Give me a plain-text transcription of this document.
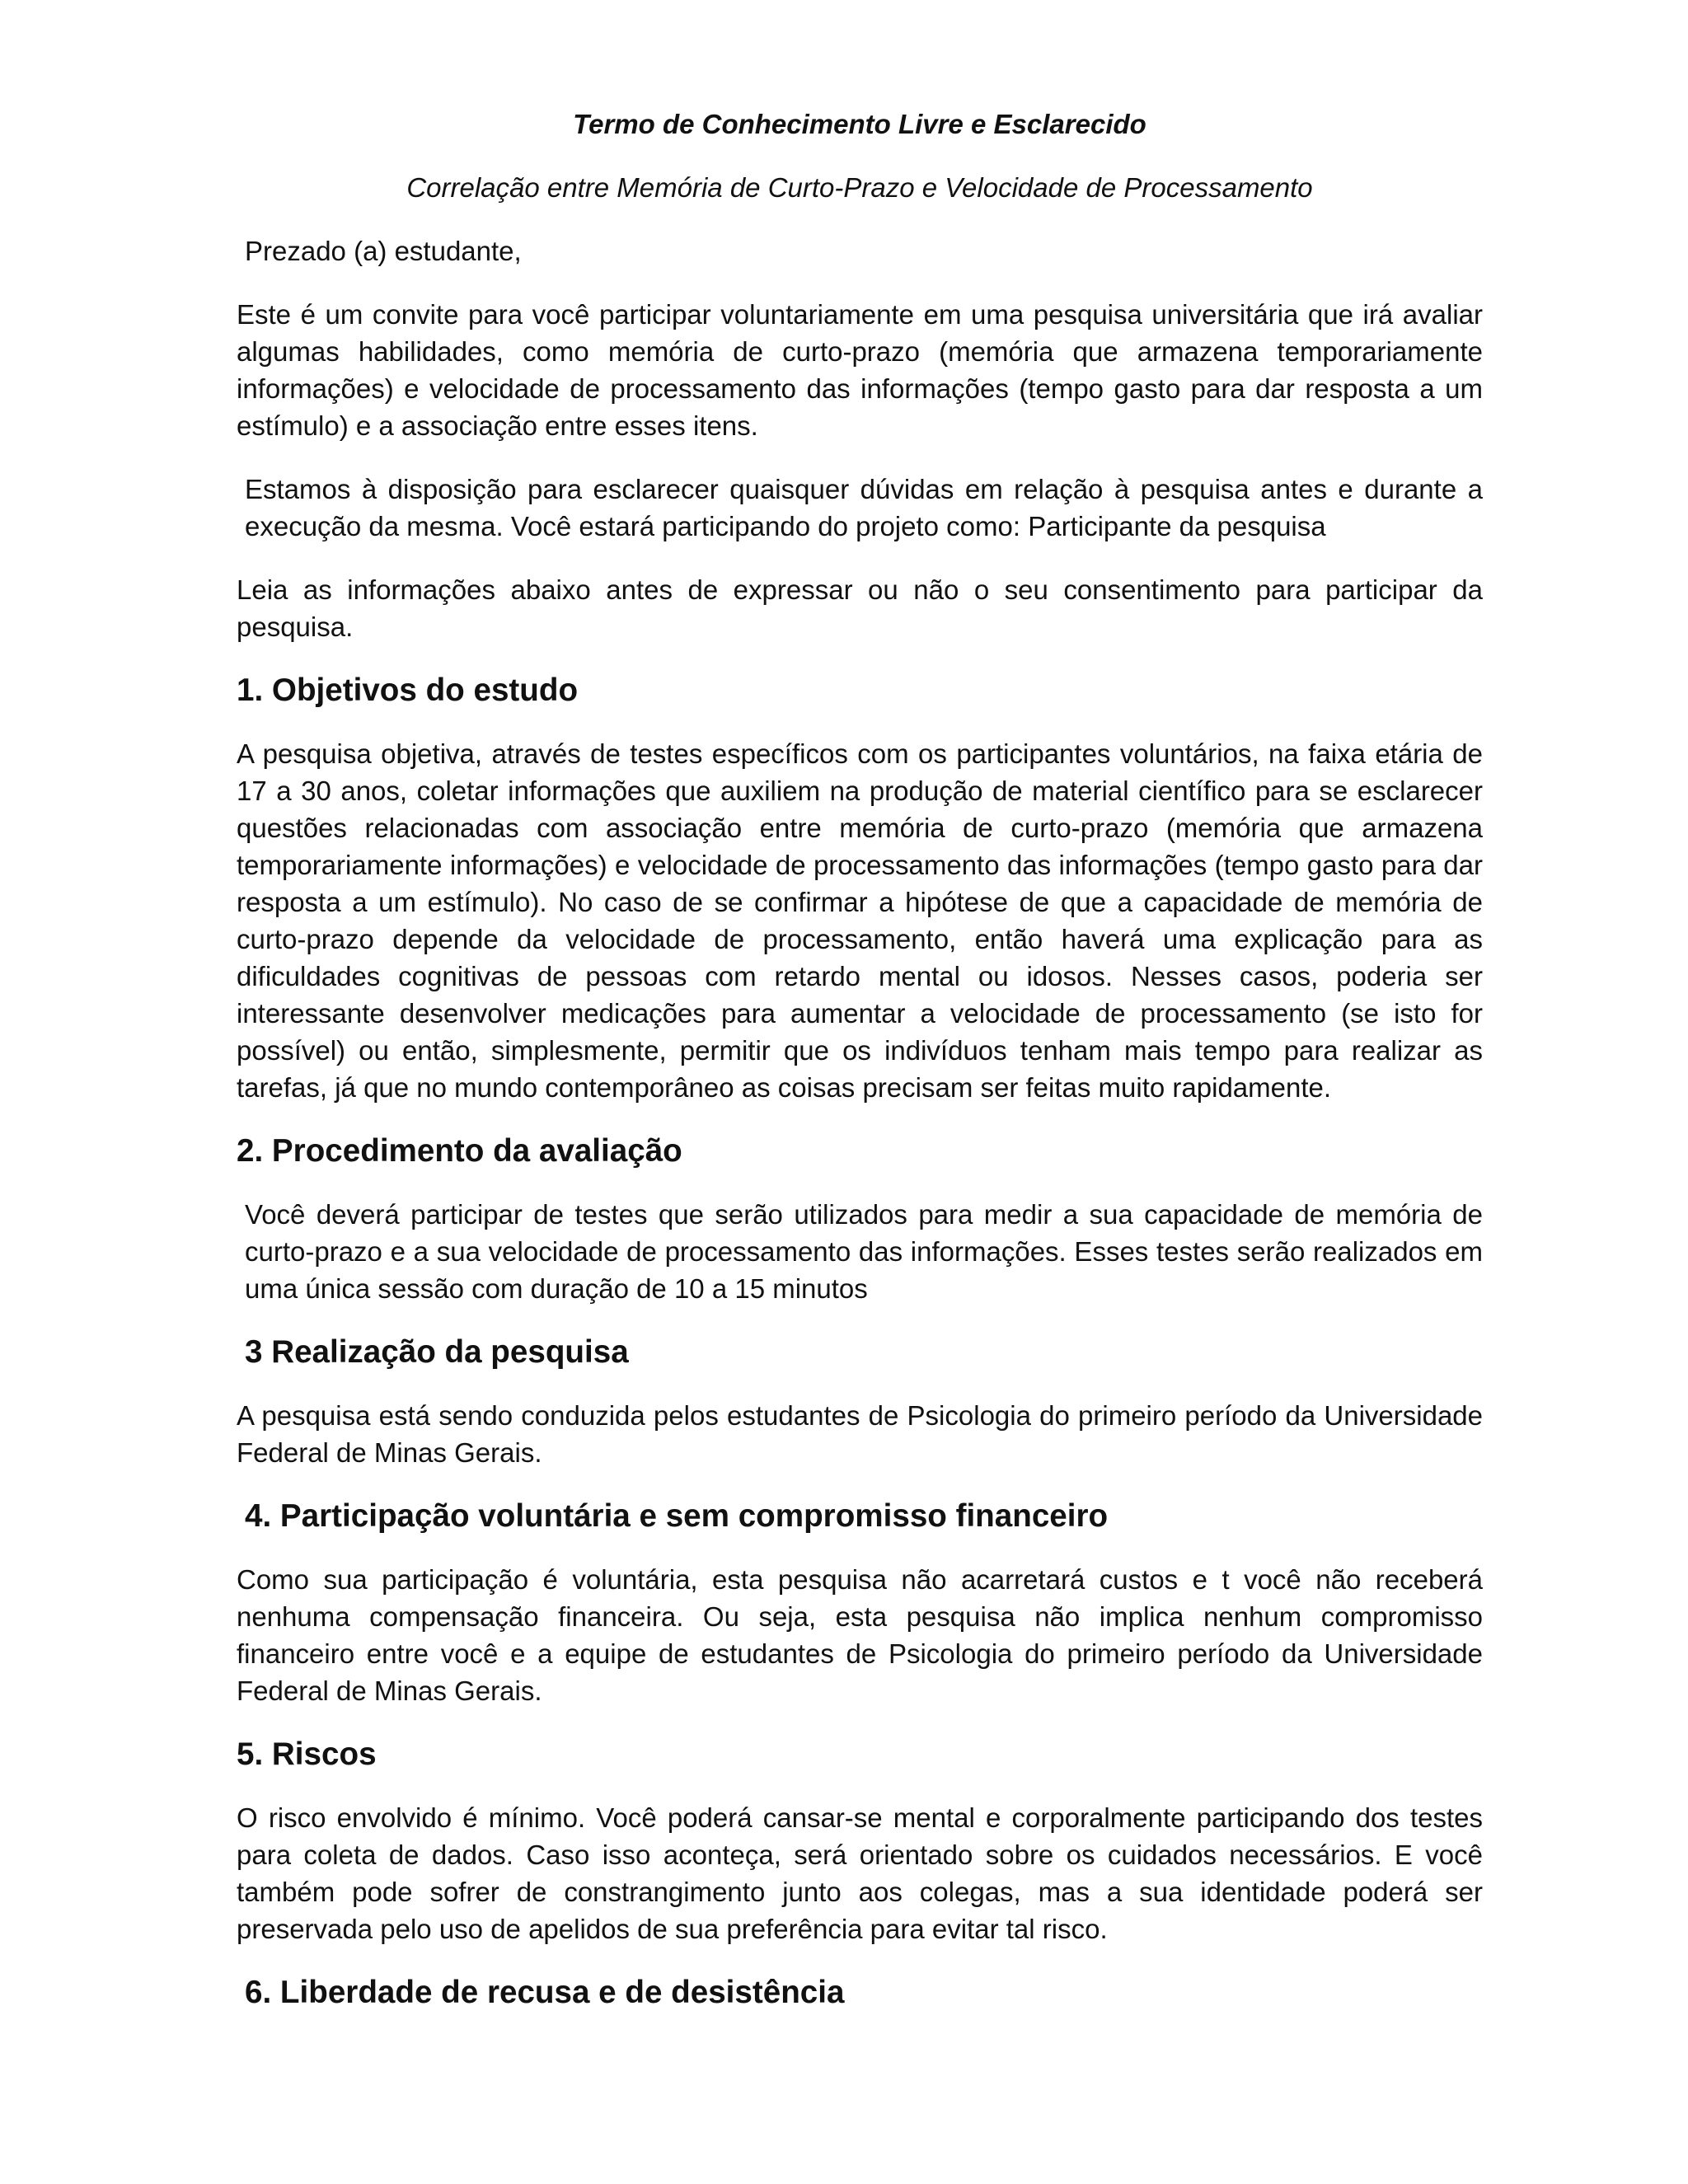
Termo de Conhecimento Livre e Esclarecido
Correlação entre Memória de Curto-Prazo e Velocidade de Processamento

Prezado (a) estudante,

Este é um convite para você participar voluntariamente em uma pesquisa universitária que irá avaliar algumas habilidades, como memória de curto-prazo (memória que armazena temporariamente informações) e velocidade de processamento das informações (tempo gasto para dar resposta a um estímulo) e a associação entre esses itens.

Estamos à disposição para esclarecer quaisquer dúvidas em relação à pesquisa antes e durante a execução da mesma. Você estará participando do projeto como: Participante da pesquisa

Leia as informações abaixo antes de expressar ou não o seu consentimento para participar da pesquisa.

1. Objetivos do estudo

A pesquisa objetiva, através de testes específicos com os participantes voluntários, na faixa etária de 17 a 30 anos, coletar informações que auxiliem na produção de material científico para se esclarecer questões relacionadas com associação entre memória de curto-prazo (memória que armazena temporariamente informações) e velocidade de processamento das informações (tempo gasto para dar resposta a um estímulo). No caso de se confirmar a hipótese de que a capacidade de memória de curto-prazo depende da velocidade de processamento, então haverá uma explicação para as dificuldades cognitivas de pessoas com retardo mental ou idosos. Nesses casos, poderia ser interessante desenvolver medicações para aumentar a velocidade de processamento (se isto for possível) ou então, simplesmente, permitir que os indivíduos tenham mais tempo para realizar as tarefas, já que no mundo contemporâneo as coisas precisam ser feitas muito rapidamente.

2. Procedimento da avaliação

Você deverá participar de testes que serão utilizados para medir a sua capacidade de memória de curto-prazo e a sua velocidade de processamento das informações. Esses testes serão realizados em uma única sessão com duração de 10 a 15 minutos

3 Realização da pesquisa

A pesquisa está sendo conduzida pelos estudantes de Psicologia do primeiro período da Universidade Federal de Minas Gerais.

4. Participação voluntária e sem compromisso financeiro

Como sua participação é voluntária, esta pesquisa não acarretará custos e t você não receberá nenhuma compensação financeira. Ou seja, esta pesquisa não implica nenhum compromisso financeiro entre você e a equipe de estudantes de Psicologia do primeiro período da Universidade Federal de Minas Gerais.

5. Riscos

O risco envolvido é mínimo. Você poderá cansar-se mental e corporalmente participando dos testes para coleta de dados. Caso isso aconteça, será orientado sobre os cuidados necessários. E você também pode sofrer de constrangimento junto aos colegas, mas a sua identidade poderá ser preservada pelo uso de apelidos de sua preferência para evitar tal risco.

6. Liberdade de recusa e de desistência
